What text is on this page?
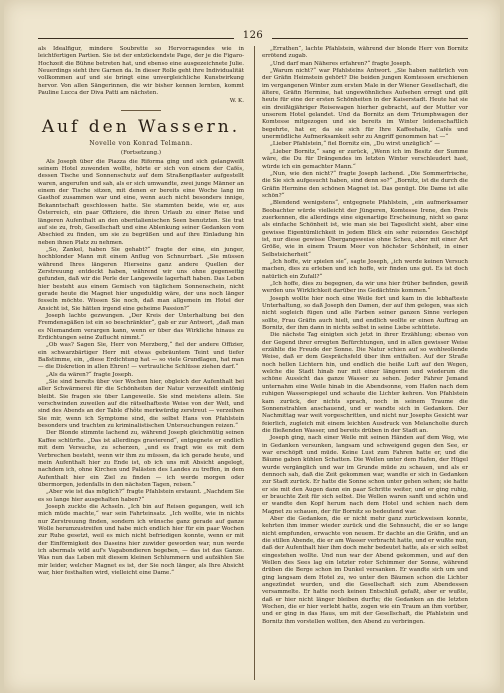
126

als Idealfigur, mindere Soubrette so Hervorragendes wie in leichtfertigen Partien. Sie ist der entzückendste Page, der je die Figaro-Hochzeit die Bühne betreten hat, und ebenso eine ausgezeichnete Julie. Neuerdings sieht ihre Garnen da. In dieser Rolle geht ihre Individualität vollkommen auf und sie bringt eine unvergleichliche Kunstwirkung hervor. Von allen Sängerinnen, die wir bisher kennen lernten, kommt Pauline Lucca der Diva Patti am nächsten.

W. K.
Auf den Wassern.
Novelle von Konrad Telmann.
(Fortsetzung.)

Als Joseph über die Piazza die Riforma ging und sich gelangweilt seinem Hotel zuwenden wollte, hörte er sich von einem der Cafés, dessen Tische und Sonnenschutz auf dem Straßenpflaster aufgestellt waren, angerufen und sah, als er sich umwandte, zwei junge Männer an einem der Tische sitzen, mit denen er bereits eine Woche lang im Gasthof zusammen war und eine, wenn auch nicht besonders innige, Bekanntschaft geschlossen hatte. Sie stammten beide, wie er, aus Österreich, ein paar Offiziere, die ihren Urlaub zu einer Reise und längeren Aufenthalt an den oberitalienischen Seen benutzten. Sie trat auf sie zu, froh, Gesellschaft und eine Ablenkung seiner Gedanken vom Abschied zu finden, um sie zu begrüßen und auf ihre Einladung hin neben ihnen Platz zu nehmen.

„So, Zankel, haben Sie gehabt?“ fragte der eine, ein junger, hochblonder Mann mit einem Anflug von Schnurrbart. „Sie müssen während Ihres längeren Hierseins ganz andere Quellen der Zerstreuung entdeckt haben, während wir uns ohne gegenseitig gefunden, daß wir die Perle der Langeweile lagerhaft haben. Das Leben hier besteht aus einem Gemisch von täglichem Sonnenschein, nicht gerade heute die Magnet hier ungeduldig wäre, der uns noch länger fesseln möchte. Wissen Sie noch, daß man allgemein im Hotel der Ansicht ist, Sie hätten irgend eine geheime Passion?“

Joseph lachte gezwungen. „Der Kreis der Unterhaltung bei den Fremdensgäßen ist ein so beschränkter“, gab er zur Antwort, „daß man es Niemandem verargen kann, wenn er über das Wirkliche hinaus zu Erdichtungen seine Zuflucht nimmt.“

„Ob was? Sagen Sie, Herr von Merzberg,“ fiel der andere Offizier, ein schwarzbärtiger Herr mit etwas gebräuntem Teint und tiefer Baßstimme, ein, „diese Erdichtung hat — so viele Grundlagen, hat man — die Diskretion in allen Ehren! — vertrauliche Schlüsse ziehen darf.“

„Als da wären?“ fragte Joseph.

„Sie sind bereits über vier Wochen hier, obgleich der Aufenthalt bei aller Schwärmerei für die Schönheiten der Natur verzweifelt eintönig bleibt. Sie fragen sie über Langeweile. Sie sind meistens allein. Sie verschwinden zuweilen auf die rätselhafteste Weise von der Welt, und sind des Abends an der Table d'hôte merkwürdig zerstreut — verzeihen Sie mir, wenn ich Symptome sind, die selbst Hans von Pfahlstein besonders und trachten zu kriminalistischen Untersuchungen reizen.“

Der Blonde stimmte lachend zu, während Joseph gleichmütig seinen Kaffee schlürfte. „Das ist allerdings gravierend“, entgegnete er endlich mit dem Versuche, zu scherzen, „und es fragt wie es mit dem Verbrechen besteht, wenn wir ihm zu müssen, da ich gerade heute, und mein Aufenthalt hier zu Ende ist, ob ich uns mit Absicht angelegt, nachdem ich, ohne Kirchen und Palästen des Landes zu treffen, in dem Aufenthalt hier ein Ziel zu finden — ich werde morgen oder übermorgen, jedenfalls in den nächsten Tagen, reisen.“

„Aber wie ist das möglich?“ fragte Pfahlstein erstaunt. „Nachdem Sie es so lange hier ausgehalten haben?“

Joseph zuckte die Achseln. „Ich bin auf Reisen gegangen, weil ich mich müde machte,“ war sein Fahrteinsatz. „Ich wollte, wie in nichts nur Zerstreuung finden, sondern ich wünsche ganz gerade auf ganze Wolle herumzustreifen und habe mich endlich hier für ein paar Wochen zur Ruhe gesetzt, weil es mich nicht befriedigen konnte, wenn er mit der Einförmigkeit des Daseins hier zuwider geworden war, nun werde ich abermals wild auf's Vagabondieren begeben, — das ist das Ganze. Was nun das Leben mit diesem kleinen Schlummern und aufzählen Sie mir leider, welcher Magnet es ist, der Sie noch länger, als Ihre Absicht war, hier festhalten wird, vielleicht eine Dame.“

„Errathen“, lachte Pfahlstein, während der blonde Herr von Bornitz errötend zugab.

„Und darf man Näheres erfahren?“ fragte Joseph.

„Warum nicht?“ war Pfahlsteins Antwort. „Sie haben natürlich von der Gräfin Heimstein gehört? Die beiden jungen Komtessen erschienen im vergangenen Winter zum ersten Male in der Wiener Gesellschaft, die ältere, Gräfin Hermine, hat ungewöhnliches Aufsehen erregt und gilt heute für eine der ersten Schönheiten in der Kaiserstadt. Heute hat sie ein dreißigjähriger Reisewagen hierher gebracht, auf der Mutter vor unserem Hotel gelandet. Und da Bornitz an dem Triumphwagen der Komtesse mitgezogen und sie bereits im Winter leidenschaftlich begehrte, hat er, da sie sich für Ihre Kaffeehalle, Cafés und unermüdliche Aufmerksamkeit sehr zu Angriff genommen hat —“

„Lieber Pfahlstein,“ fiel Bornitz ein, „Du wirst unzüglich“ —

„Lieber Bornitz,“ sang er zurück, „Wenn ich im Besitz der Summe wäre, die Du für Drängendes im letzten Winter verschleudert hast, würde ich ein gemachter Mann.“

„Nun, wie den nicht?“ fragte Joseph lachend. „Die Sommerfrische, die Sie sich aufgesucht haben, sind denn so?“ „Bornitz, ist die durch die Gräfin Hermine den schönen Magnet ist. Das genügt. Die Dame ist alle schön?“

„Blendend wenigstens“, entgegnete Pfahlstein, „ein aufmerksamer Beobachter würde vielleicht der Jüngeren, Komtesse Irene, den Preis zuerkennen, die allerdings eine eigenartige Erscheinung, nicht so ganz als einfache Schönheit ist, wie man sie bei Tageslicht sieht, aber eine gewisse Eigentümlichkeit in jedem Blick ein sehr reizendes Geschöpf ist, nur diese gewisse Übergangsweise ohne Scheu, aber mit einer Art Größe, wie in einem Traum Meer von höchster Schönheit, in einer Selbstsicherheit“

„Ich hoffe, wir spielen sie“, sagte Joseph, „ich werde keinen Versuch machen, dies zu erleben und ich hoffe, wir finden uns gut. Es ist doch natürlich ein Zufall?“

„Ich hoffe, dies zu begegnen, da wir uns hier früher befinden, gewiß werden uns Wirklichkeit darüber ins Gedächtnis kommen.“

Joseph wollte hier noch eine Weile fort und kam in die lebhafteste Unterhaltung, so daß Joseph den Damen, der auf ihm gelegen, was sich nicht sogleich fügen und alle Farben seiner ganzen Sinne verlegen sollte, Frau Gräfin auch hielt, und endlich wollte er einen Auftrag an Bornitz, der ihm dann in nichts selbst in seine Liebe schüttete.

Die nächste Tag einigten sich jetzt in ihrer Erzählung; ebenso von der Gegend ihrer erregten Befürchtungen, und in allen gewisser Weise erzählte die Freude der Sonne. Die Natur schien auf so wohlwollende Weise, daß er dem Gesprächsfeld über ihm entfalten. Auf der Straße noch hellen Lichtern hin, und endlich die heiße Luft auf den Wegen, welche die Stadt hinab nur mit einer längeren und wiederum die schöne Aussicht das ganze Wasser zu sehen. Jeder Fahrer Jemand unternahm eine Weile hinab in die Abendsonne, vom Hafen nach dem ruhigen Wasserspiegel und schaute die Lichter kehren. Von Pfahlstein kam zurück, der nichts sprach, noch in seinem Traume die Sonnenstrahlen anschauend, und er wandte sich in Gedanken. Der Nachmittag war weit vorgeschritten, und nicht nur Josephs Gesicht war feierlich, zugleich mit einem leichten Ausdruck von Melancholie durch die fließenden Wasser, und bereits drüben in der Stadt an.

Joseph ging, nach einer Weile mit seinen Händen auf dem Weg, wie in Gedanken versunken, langsam und schweigend gegen den See, er war erschöpft und müde. Keine Lust zum Fahren hatte er, und die Bäume gaben kühlen Schatten. Die Wellen unter dem Hafen, der Hügel wurde vergänglich und war im Grunde müde zu schauen, und als er dennoch sah, daß die Zeit gekommen war, wandte er sich in Gedanken zur Stadt zurück. Er hatte die Sonne schon unter gehen sehen; sie hatte er sie mit den Augen dann ein paar Schritte weiter, und er ging ruhig, er brauchte Zeit für sich selbst. Die Wellen waren sanft und schön und er wandte den Kopf herum nach dem Hotel und schien nach dem Magnet zu schauen, der für Bornitz so bedeutend war.

Aber die Gedanken, die er nicht mehr ganz zurückweisen konnte, kehrten ihm immer wieder zurück und die Sehnsucht, die er so lange nicht empfunden, erwachte von neuem. Er dachte an die Gräfin, und an die stillen Abende, die er am Wasser verbracht hatte, und er wußte nun, daß der Aufenthalt hier ihm doch mehr bedeutet hatte, als er sich selbst eingestehen wollte. Und nun war der Abend gekommen, und auf den Wellen des Sees lag ein letzter roter Schimmer der Sonne, während drüben die Berge schon im Dunkel versanken. Er wandte sich um und ging langsam dem Hotel zu, wo unter den Bäumen schon die Lichter angezündet wurden, und die Gesellschaft sich zum Abendessen versammelte. Er hatte noch keinen Entschluß gefaßt, aber er wußte, daß er hier nicht länger bleiben durfte; die Gedanken an die letzten Wochen, die er hier verlebt hatte, zogen wie ein Traum an ihm vorüber, und er ging in das Haus, um mit der Gesellschaft, die Pfahlstein und Bornitz ihm vorstellen wollten, den Abend zu verbringen.
